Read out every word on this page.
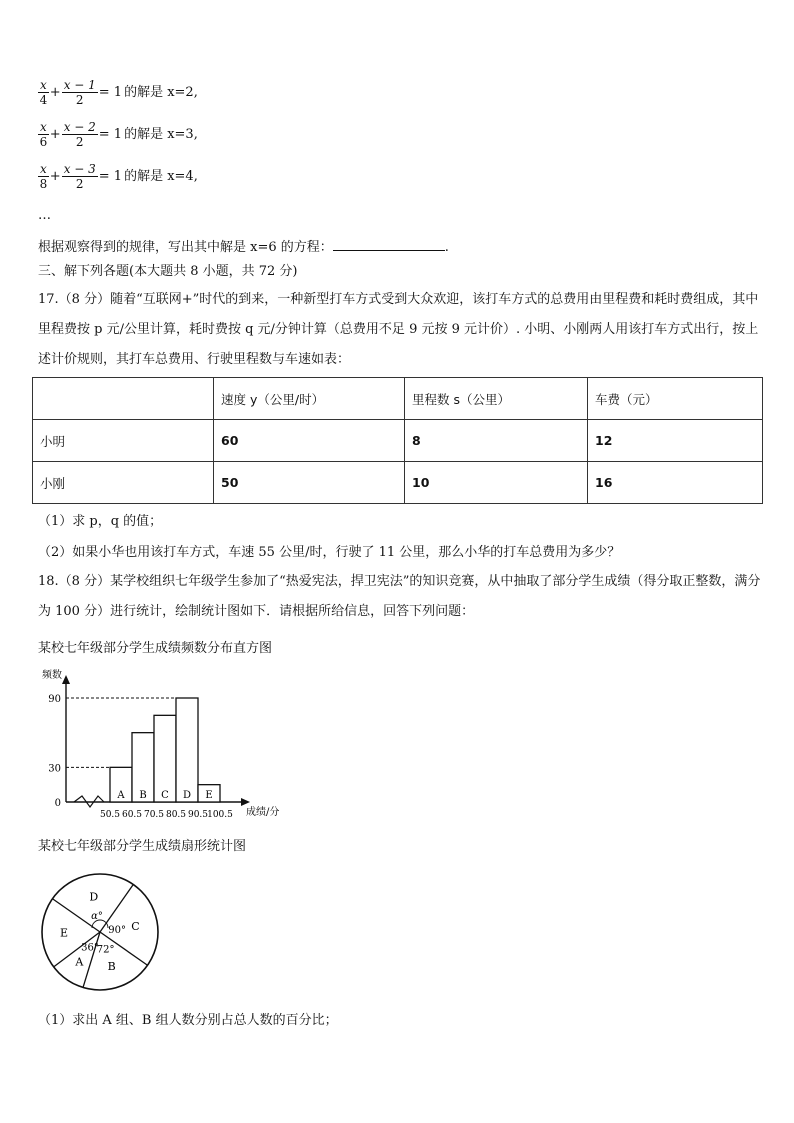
$\frac{x}{4} + \frac{x - 1}{2} = 1$ 的解是 x=2,
$\frac{x}{6} + \frac{x - 2}{2} = 1$ 的解是 x=3,
$\frac{x}{8} + \frac{x - 3}{2} = 1$ 的解是 x=4,
…
根据观察得到的规律，写出其中解是 x=6 的方程：	.
三、解下列各题(本大题共 8 小题，共 72 分)
17.（8 分）随着“互联网+”时代的到来，一种新型打车方式受到大众欢迎，该打车方式的总费用由里程费和耗时费组成，其中里程费按 p 元/公里计算，耗时费按 q 元/分钟计算（总费用不足 9 元按 9 元计价）. 小明、小刚两人用该打车方式出行，按上述计价规则，其打车总费用、行驶里程数与车速如表：
	速度 y（公里/时）	里程数 s（公里）	车费（元）
小明	60	8	12
小刚	50	10	16
（1）求 p，q 的值；
（2）如果小华也用该打车方式，车速 55 公里/时，行驶了 11 公里，那么小华的打车总费用为多少？
18.（8 分）某学校组织七年级学生参加了“热爱宪法，捍卫宪法”的知识竞赛，从中抽取了部分学生成绩（得分取正整数，满分为 100 分）进行统计，绘制统计图如下．请根据所给信息，回答下列问题：
某校七年级部分学生成绩频数分布直方图
A B C D E
50.5 60.5 70.5 80.5 90.5 100.5
0
30
90
频数
成绩/分
某校七年级部分学生成绩扇形统计图
C
90°
B
72°
A
36°
E
D
α°
（1）求出 A 组、B 组人数分别占总人数的百分比；
